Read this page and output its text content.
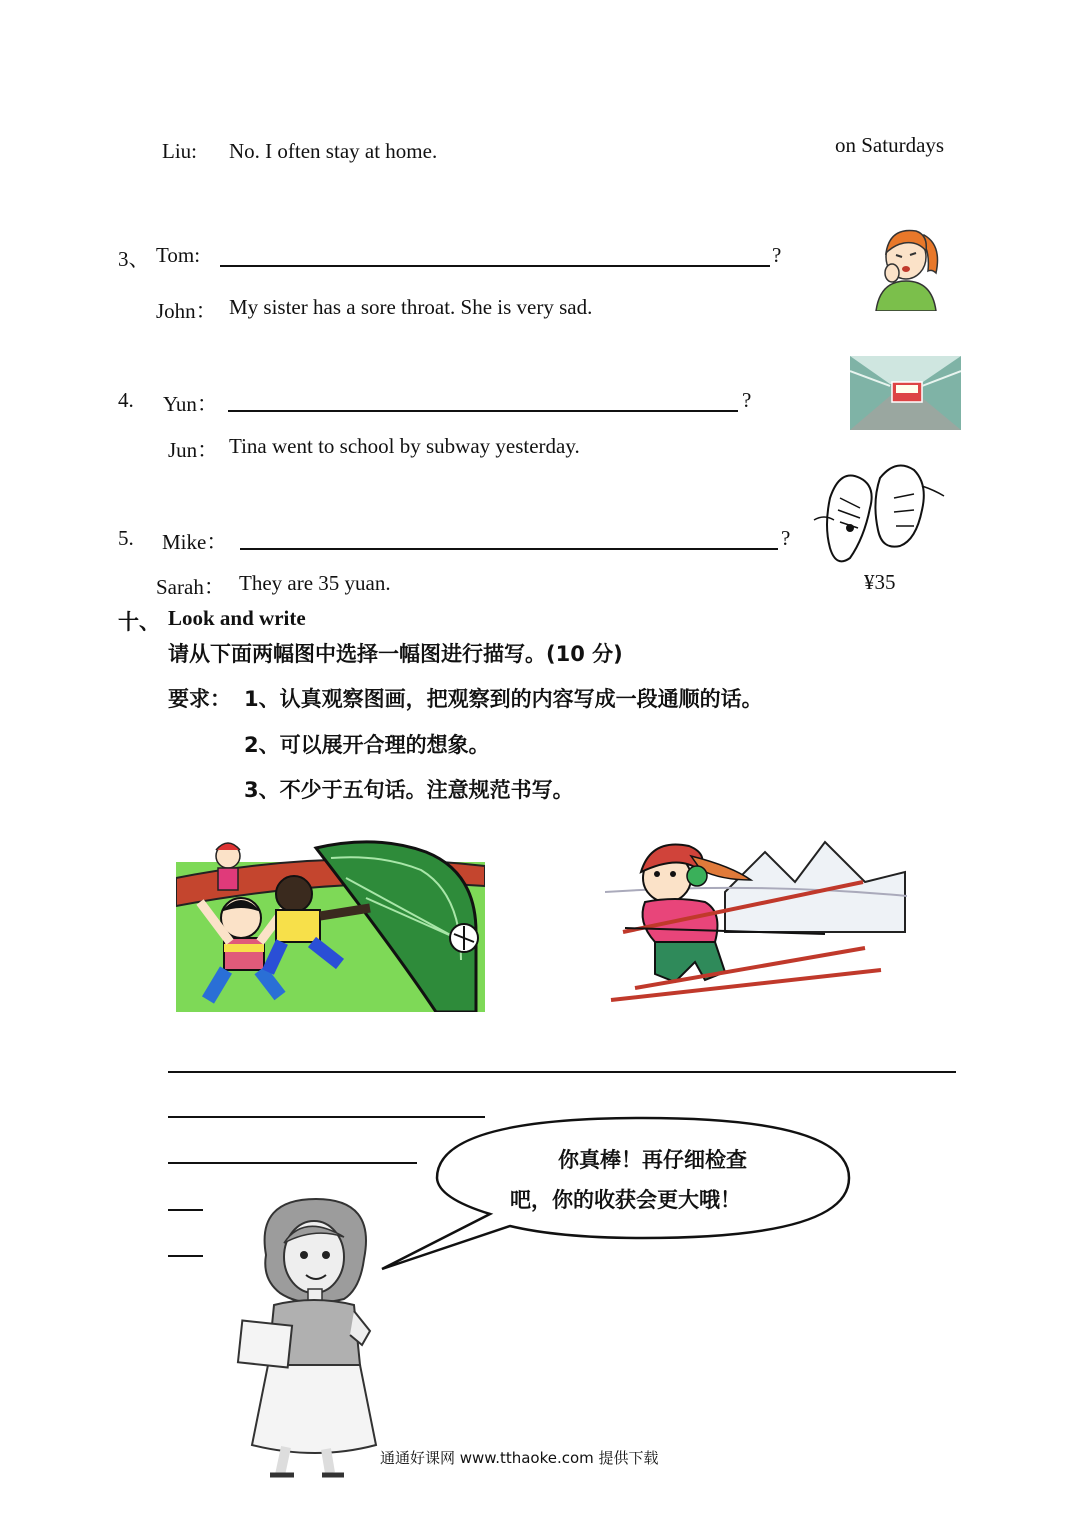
Liu: No. I often stay at home.	on Saturdays
3、 Tom:	?
John： My sister has a sore throat. She is very sad.
4. Yun：	?
Jun： Tina went to school by subway yesterday.
5. Mike：	?
Sarah： They are 35 yuan.	¥35
十、 Look and write
请从下面两幅图中选择一幅图进行描写。(10 分)
要求： 1、认真观察图画，把观察到的内容写成一段通顺的话。
2、可以展开合理的想象。
3、不少于五句话。注意规范书写。
你真棒！再仔细检查
吧，你的收获会更大哦！
通通好课网 www.tthaoke.com 提供下载
